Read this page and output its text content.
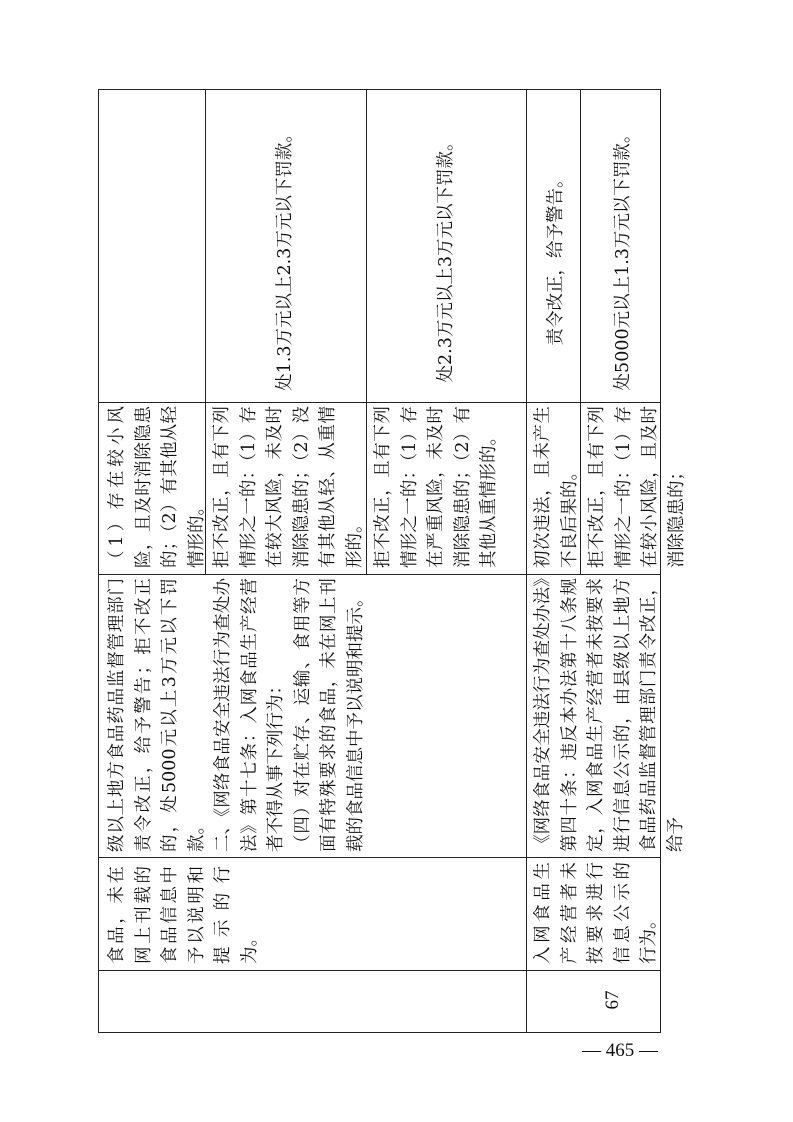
食品，未在网上刊载的食品信息中予以说明和提示的行为。
级以上地方食品药品监督管理部门责令改正，给予警告；拒不改正的，处5000元以上3万元以下罚款。 二、《网络食品安全违法行为查处办法》第十七条：入网食品生产经营者不得从事下列行为： （四）对在贮存、运输、食用等方面有特殊要求的食品，未在网上刊载的食品信息中予以说明和提示。
（1）存在较小风险，且及时消除隐患的；（2）有其他从轻情形的。 拒不改正，且有下列情形之一的：（1）存在较大风险，未及时消除隐患的；（2）没有其他从轻、从重情形的。
处1.3万元以上2.3万元以下罚款。
拒不改正，且有下列情形之一的：（1）存在严重风险，未及时消除隐患的；（2）有其他从重情形的。
处2.3万元以上3万元以下罚款。
67
入网食品生产经营者未按要求进行信息公示的行为。
《网络食品安全违法行为查处办法》第四十条：违反本办法第十八条规定，入网食品生产经营者未按要求进行信息公示的，由县级以上地方食品药品监督管理部门责令改正，给予
初次违法，且未产生不良后果的。
责令改正，给予警告。
拒不改正，且有下列情形之一的：（1）存在较小风险，且及时消除隐患的；
处5000元以上1.3万元以下罚款。
— 465 —
